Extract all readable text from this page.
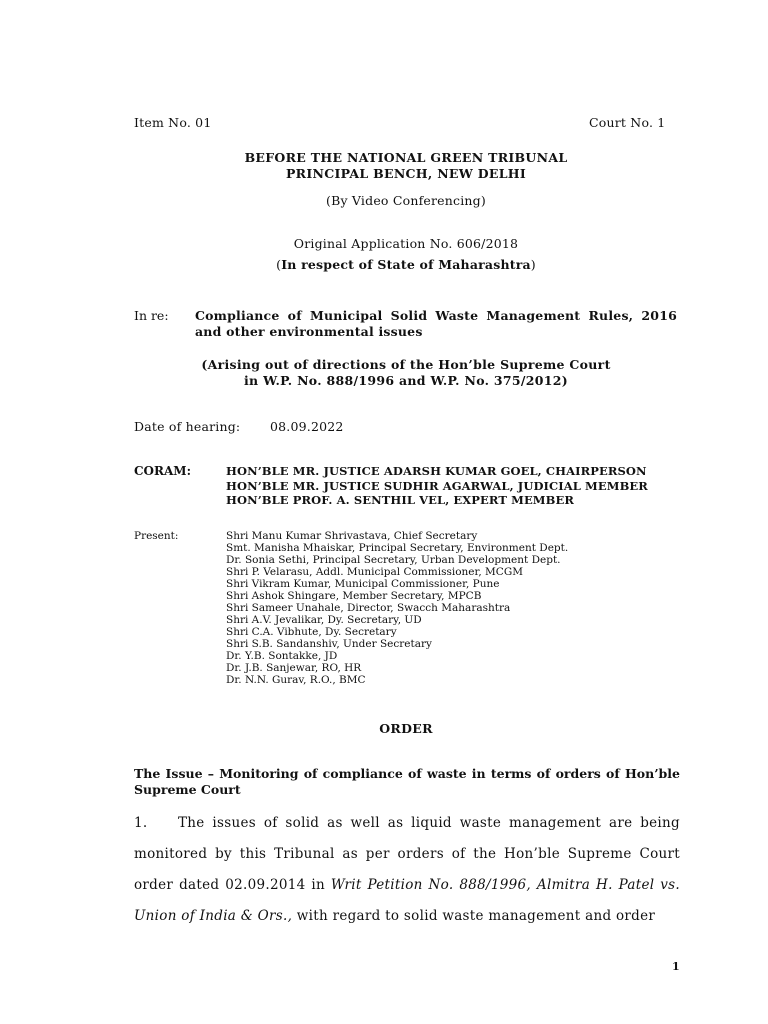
Item No. 01	Court No. 1
BEFORE THE NATIONAL GREEN TRIBUNAL
PRINCIPAL BENCH, NEW DELHI
(By Video Conferencing)
Original Application No. 606/2018
(In respect of State of Maharashtra)
In re: Compliance of Municipal Solid Waste Management Rules, 2016 and other environmental issues
(Arising out of directions of the Hon’ble Supreme Court
in W.P. No. 888/1996 and W.P. No. 375/2012)
Date of hearing: 08.09.2022
CORAM:	HON’BLE MR. JUSTICE ADARSH KUMAR GOEL, CHAIRPERSON
HON’BLE MR. JUSTICE SUDHIR AGARWAL, JUDICIAL MEMBER
HON’BLE PROF. A. SENTHIL VEL, EXPERT MEMBER
Present:	Shri Manu Kumar Shrivastava, Chief Secretary
Smt. Manisha Mhaiskar, Principal Secretary, Environment Dept.
Dr. Sonia Sethi, Principal Secretary, Urban Development Dept.
Shri P. Velarasu, Addl. Municipal Commissioner, MCGM
Shri Vikram Kumar, Municipal Commissioner, Pune
Shri Ashok Shingare, Member Secretary, MPCB
Shri Sameer Unahale, Director, Swacch Maharashtra
Shri A.V. Jevalikar, Dy. Secretary, UD
Shri C.A. Vibhute, Dy. Secretary
Shri S.B. Sandanshiv, Under Secretary
Dr. Y.B. Sontakke, JD
Dr. J.B. Sanjewar, RO, HR
Dr. N.N. Gurav, R.O., BMC
ORDER
The Issue – Monitoring of compliance of waste in terms of orders of Hon’ble Supreme Court
1. The issues of solid as well as liquid waste management are being monitored by this Tribunal as per orders of the Hon’ble Supreme Court order dated 02.09.2014 in Writ Petition No. 888/1996, Almitra H. Patel vs. Union of India & Ors., with regard to solid waste management and order
1
